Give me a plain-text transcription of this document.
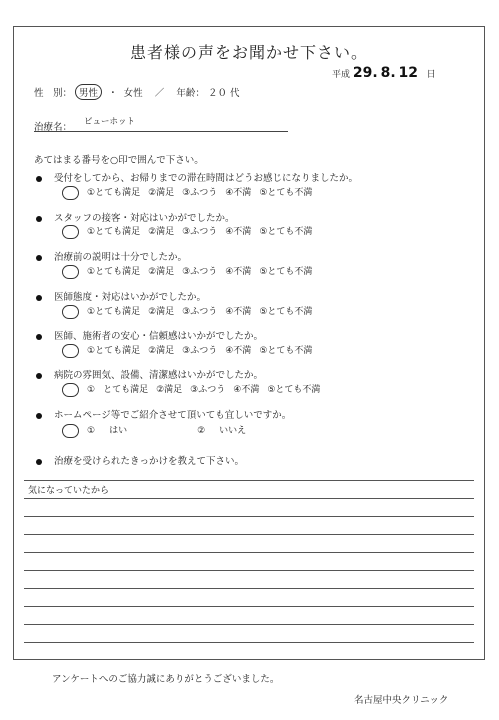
患者様の声をお聞かせ下さい。
平成 29. 8. 12 日
性　別： 男性 ・ 女性 ／ 年齢： ２０ 代
治療名： ビューホット
あてはまる番号を○印で囲んで下さい。
受付をしてから、お帰りまでの滞在時間はどうお感じになりましたか。
①とても満足 ②満足 ③ふつう ④不満 ⑤とても不満
スタッフの接客・対応はいかがでしたか。
①とても満足 ②満足 ③ふつう ④不満 ⑤とても不満
治療前の説明は十分でしたか。
①とても満足 ②満足 ③ふつう ④不満 ⑤とても不満
医師態度・対応はいかがでしたか。
①とても満足 ②満足 ③ふつう ④不満 ⑤とても不満
医師、施術者の安心・信頼感はいかがでしたか。
①とても満足 ②満足 ③ふつう ④不満 ⑤とても不満
病院の雰囲気、設備、清潔感はいかがでしたか。
① とても満足 ②満足 ③ふつう ④不満 ⑤とても不満
ホームページ等でご紹介させて頂いても宜しいですか。
① はい	② いいえ
治療を受けられたきっかけを教えて下さい。
気になっていたから
アンケートへのご協力誠にありがとうございました。
名古屋中央クリニック
